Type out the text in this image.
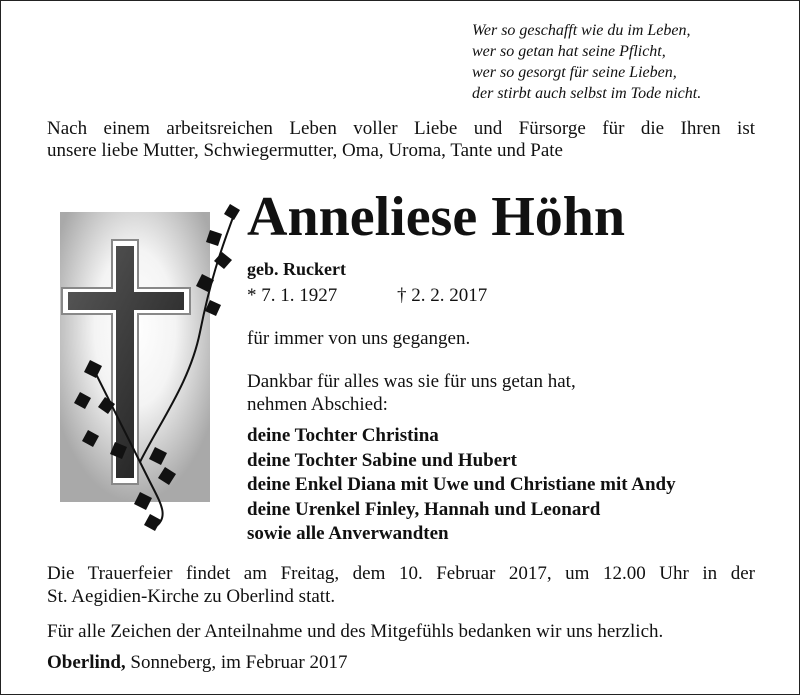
Wer so geschafft wie du im Leben,
wer so getan hat seine Pflicht,
wer so gesorgt für seine Lieben,
der stirbt auch selbst im Tode nicht.

Nach einem arbeitsreichen Leben voller Liebe und Fürsorge für die Ihren ist

unsere liebe Mutter, Schwiegermutter, Oma, Uroma, Tante und Pate

Anneliese Höhn
geb. Ruckert
* 7. 1. 1927	† 2. 2. 2017
für immer von uns gegangen.
Dankbar für alles was sie für uns getan hat,
nehmen Abschied:
deine Tochter Christina
deine Tochter Sabine und Hubert
deine Enkel Diana mit Uwe und Christiane mit Andy
deine Urenkel Finley, Hannah und Leonard
sowie alle Anverwandten
Die Trauerfeier findet am Freitag, dem 10. Februar 2017, um 12.00 Uhr in der
St. Aegidien-Kirche zu Oberlind statt.
Für alle Zeichen der Anteilnahme und des Mitgefühls bedanken wir uns herzlich.
Oberlind, Sonneberg, im Februar 2017
